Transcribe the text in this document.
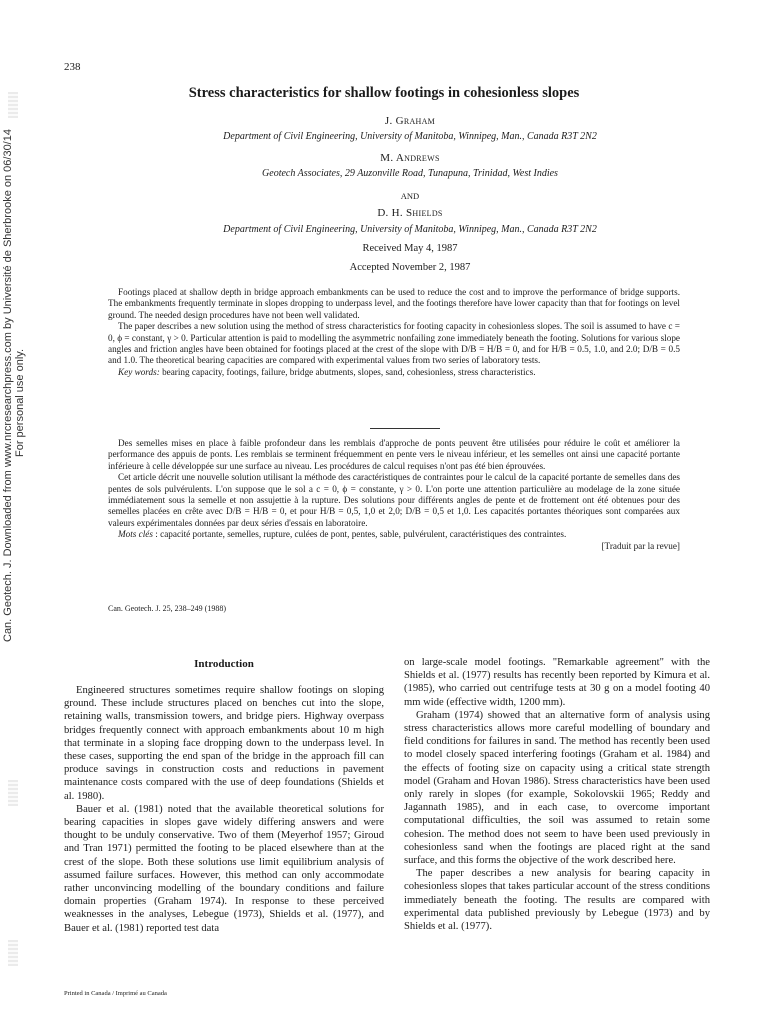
Can. Geotech. J. Downloaded from www.nrcresearchpress.com by Université de Sherbrooke on 06/30/14 For personal use only.
238
Stress characteristics for shallow footings in cohesionless slopes
J. Graham
Department of Civil Engineering, University of Manitoba, Winnipeg, Man., Canada R3T 2N2
M. Andrews
Geotech Associates, 29 Auzonville Road, Tunapuna, Trinidad, West Indies
AND
D. H. Shields
Department of Civil Engineering, University of Manitoba, Winnipeg, Man., Canada R3T 2N2
Received May 4, 1987
Accepted November 2, 1987

Footings placed at shallow depth in bridge approach embankments can be used to reduce the cost and to improve the performance of bridge supports. The embankments frequently terminate in slopes dropping to underpass level, and the footings therefore have lower capacity than that for footings on level ground. The needed design procedures have not been well validated.

The paper describes a new solution using the method of stress characteristics for footing capacity in cohesionless slopes. The soil is assumed to have c = 0, ϕ = constant, γ > 0. Particular attention is paid to modelling the asymmetric nonfailing zone immediately beneath the footing. Solutions for various slope angles and friction angles have been obtained for footings placed at the crest of the slope with D/B = H/B = 0, and for H/B = 0.5, 1.0, and 2.0; D/B = 0.5 and 1.0. The theoretical bearing capacities are compared with experimental values from two series of laboratory tests.

Key words: bearing capacity, footings, failure, bridge abutments, slopes, sand, cohesionless, stress characteristics.

Des semelles mises en place à faible profondeur dans les remblais d'approche de ponts peuvent être utilisées pour réduire le coût et améliorer la performance des appuis de ponts. Les remblais se terminent fréquemment en pente vers le niveau inférieur, et les semelles ont ainsi une capacité portante inférieure à celle développée sur une surface au niveau. Les procédures de calcul requises n'ont pas été bien éprouvées.

Cet article décrit une nouvelle solution utilisant la méthode des caractéristiques de contraintes pour le calcul de la capacité portante de semelles dans des pentes de sols pulvérulents. L'on suppose que le sol a c = 0, ϕ = constante, γ > 0. L'on porte une attention particulière au modelage de la zone située immédiatement sous la semelle et non assujettie à la rupture. Des solutions pour différents angles de pente et de frottement ont été obtenues pour des semelles placées en crête avec D/B = H/B = 0, et pour H/B = 0,5, 1,0 et 2,0; D/B = 0,5 et 1,0. Les capacités portantes théoriques sont comparées aux valeurs expérimentales données par deux séries d'essais en laboratoire.

Mots clés : capacité portante, semelles, rupture, culées de pont, pentes, sable, pulvérulent, caractéristiques des contraintes.

[Traduit par la revue]

Can. Geotech. J. 25, 238–249 (1988)
Introduction

Engineered structures sometimes require shallow footings on sloping ground. These include structures placed on benches cut into the slope, retaining walls, transmission towers, and bridge piers. Highway overpass bridges frequently connect with approach embankments about 10 m high that terminate in a sloping face dropping down to the underpass level. In these cases, supporting the end span of the bridge in the approach fill can produce savings in construction costs and reductions in pavement maintenance costs compared with the use of deep foundations (Shields et al. 1980).

Bauer et al. (1981) noted that the available theoretical solutions for bearing capacities in slopes gave widely differing answers and were thought to be unduly conservative. Two of them (Meyerhof 1957; Giroud and Tran 1971) permitted the footing to be placed elsewhere than at the crest of the slope. Both these solutions use limit equilibrium analysis of assumed failure surfaces. However, this method can only accommodate rather unconvincing modelling of the boundary conditions and failure domain properties (Graham 1974). In response to these perceived weaknesses in the analyses, Lebegue (1973), Shields et al. (1977), and Bauer et al. (1981) reported test data

on large-scale model footings. "Remarkable agreement" with the Shields et al. (1977) results has recently been reported by Kimura et al. (1985), who carried out centrifuge tests at 30 g on a model footing 40 mm wide (effective width, 1200 mm).

Graham (1974) showed that an alternative form of analysis using stress characteristics allows more careful modelling of boundary and field conditions for failures in sand. The method has recently been used to model closely spaced interfering footings (Graham et al. 1984) and the effects of footing size on capacity using a critical state strength model (Graham and Hovan 1986). Stress characteristics have been used only rarely in slopes (for example, Sokolovskii 1965; Reddy and Jagannath 1985), and in each case, to overcome important computational difficulties, the soil was assumed to retain some cohesion. The method does not seem to have been used previously in cohesionless sand when the footings are placed right at the sand surface, and this forms the objective of the work described here.

The paper describes a new analysis for bearing capacity in cohesionless slopes that takes particular account of the stress conditions immediately beneath the footing. The results are compared with experimental data published previously by Lebegue (1973) and by Shields et al. (1977).

Printed in Canada / Imprimé au Canada
